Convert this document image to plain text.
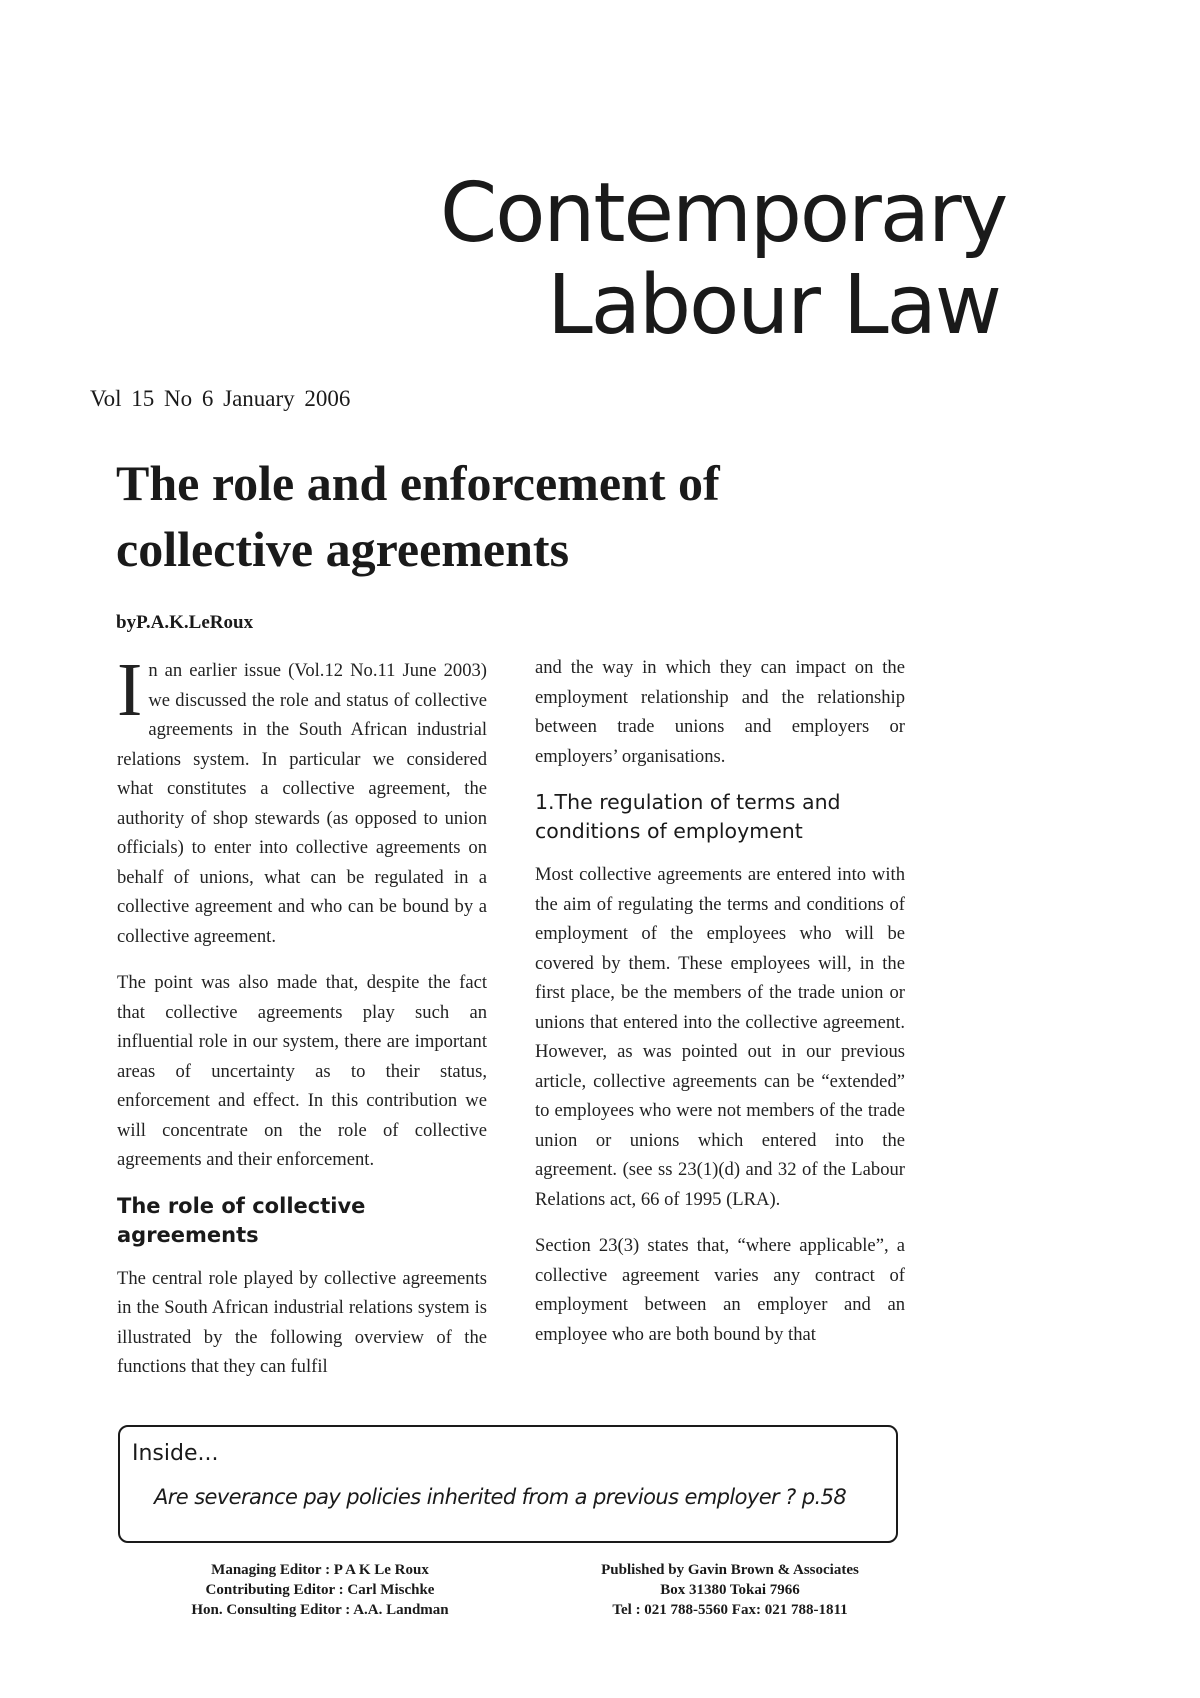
Contemporary
Labour Law
Vol 15 No 6 January 2006
The role and enforcement of
collective agreements
byP.A.K.LeRoux

In an earlier issue (Vol.12 No.11 June 2003) we discussed the role and status of collective agreements in the South African industrial relations system. In particular we considered what constitutes a collective agreement, the authority of shop stewards (as opposed to union officials) to enter into collective agreements on behalf of unions, what can be regulated in a collective agreement and who can be bound by a collective agreement.

The point was also made that, despite the fact that collective agreements play such an influential role in our system, there are important areas of uncertainty as to their status, enforcement and effect. In this contribution we will concentrate on the role of collective agreements and their enforcement.

The role of collective agreements

The central role played by collective agreements in the South African industrial relations system is illustrated by the following overview of the functions that they can fulfil

and the way in which they can impact on the employment relationship and the relationship between trade unions and employers or employers’ organisations.

1.The regulation of terms and conditions of employment

Most collective agreements are entered into with the aim of regulating the terms and conditions of employment of the employees who will be covered by them. These employees will, in the first place, be the members of the trade union or unions that entered into the collective agreement. However, as was pointed out in our previous article, collective agreements can be “extended” to employees who were not members of the trade union or unions which entered into the agreement. (see ss 23(1)(d) and 32 of the Labour Relations act, 66 of 1995 (LRA).

Section 23(3) states that, “where applicable”, a collective agreement varies any contract of employment between an employer and an employee who are both bound by that

Inside...
Are severance pay policies inherited from a previous employer ? p.58
Managing Editor : P A K Le Roux
Contributing Editor : Carl Mischke
Hon. Consulting Editor : A.A. Landman
Published by Gavin Brown & Associates
Box 31380 Tokai 7966
Tel : 021 788-5560 Fax: 021 788-1811
